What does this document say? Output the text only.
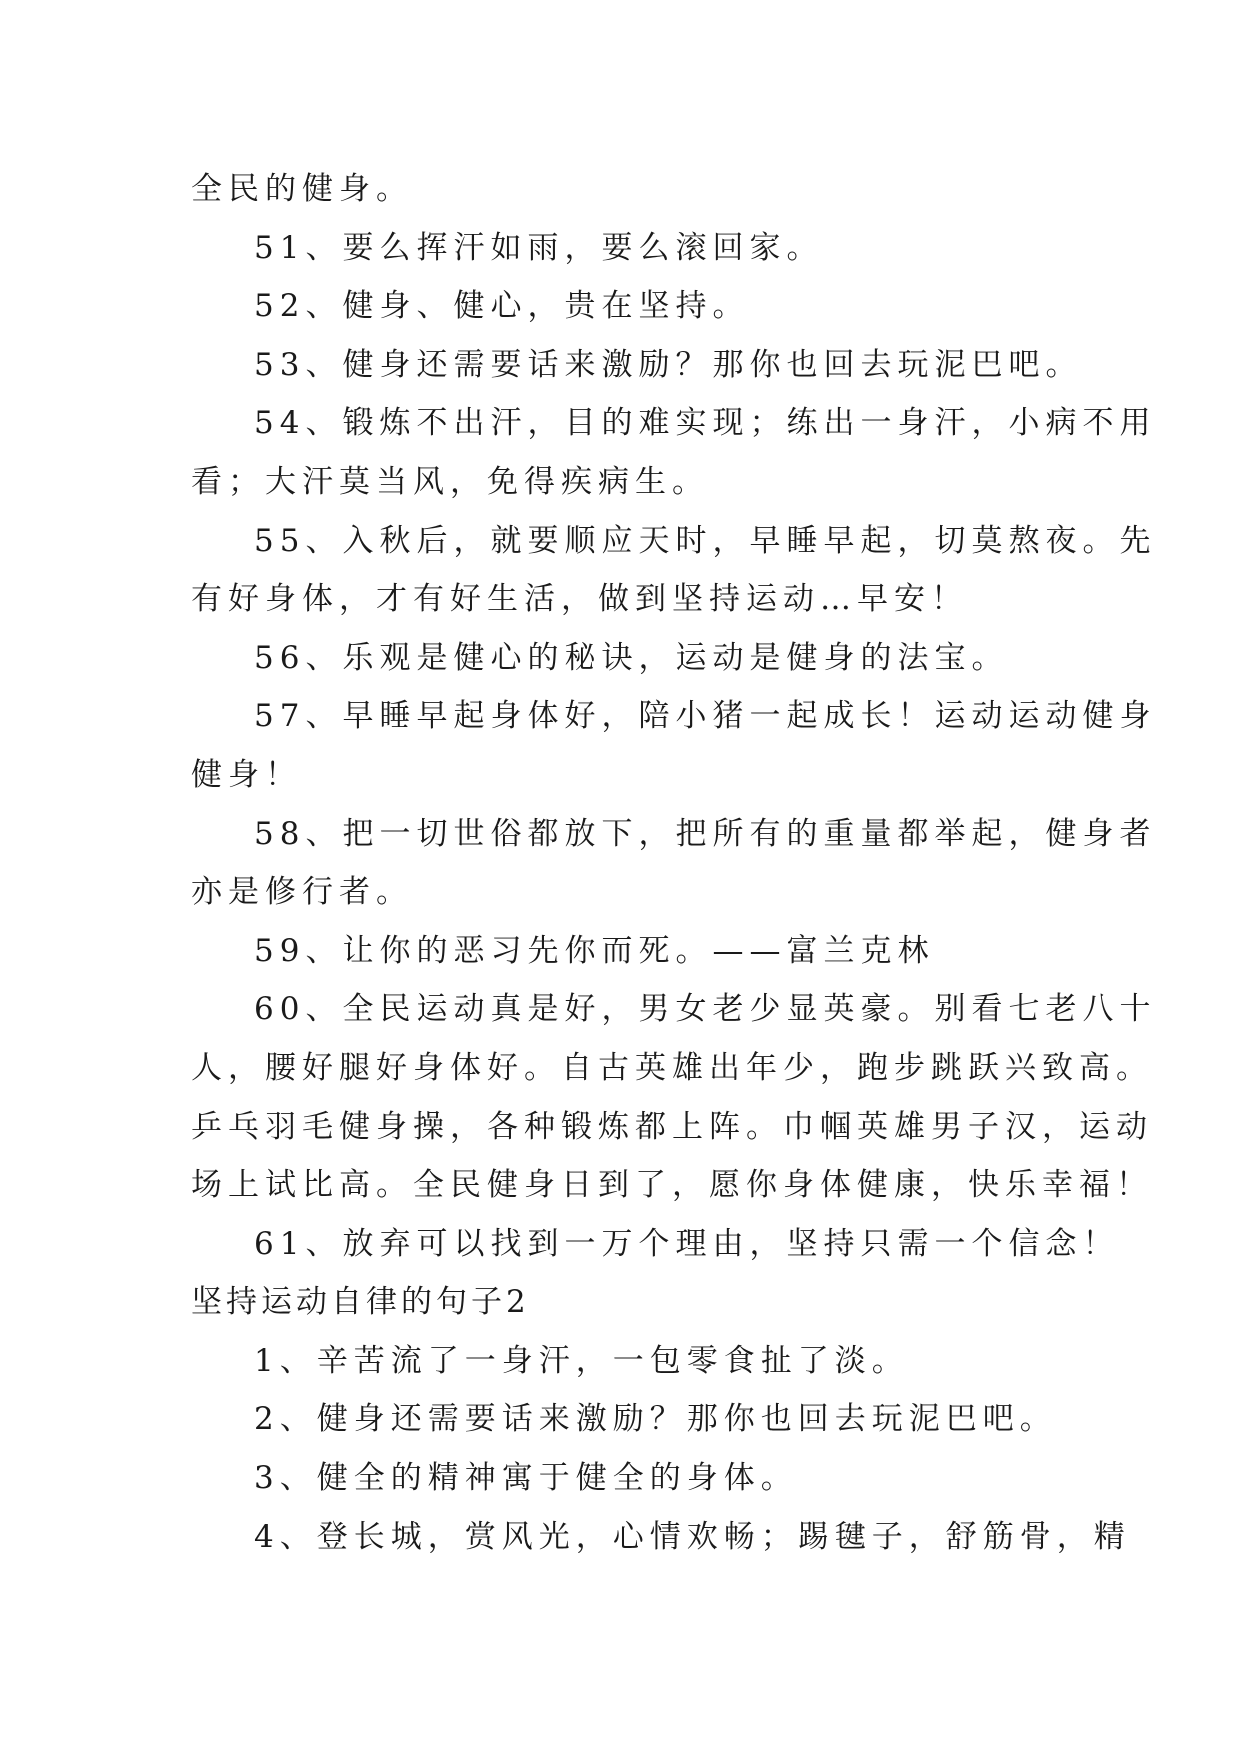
全民的健身。

51、要么挥汗如雨，要么滚回家。

52、健身、健心，贵在坚持。

53、健身还需要话来激励？那你也回去玩泥巴吧。

54、锻炼不出汗，目的难实现；练出一身汗，小病不用

看；大汗莫当风，免得疾病生。

55、入秋后，就要顺应天时，早睡早起，切莫熬夜。先

有好身体，才有好生活，做到坚持运动…早安！

56、乐观是健心的秘诀，运动是健身的法宝。

57、早睡早起身体好，陪小猪一起成长！运动运动健身

健身！

58、把一切世俗都放下，把所有的重量都举起，健身者

亦是修行者。

59、让你的恶习先你而死。——富兰克林

60、全民运动真是好，男女老少显英豪。别看七老八十

人，腰好腿好身体好。自古英雄出年少，跑步跳跃兴致高。

乒乓羽毛健身操，各种锻炼都上阵。巾帼英雄男子汉，运动

场上试比高。全民健身日到了，愿你身体健康，快乐幸福！

61、放弃可以找到一万个理由，坚持只需一个信念！

坚持运动自律的句子2

1、辛苦流了一身汗，一包零食扯了淡。

2、健身还需要话来激励？那你也回去玩泥巴吧。

3、健全的精神寓于健全的身体。

4、登长城，赏风光，心情欢畅；踢毽子，舒筋骨，精
